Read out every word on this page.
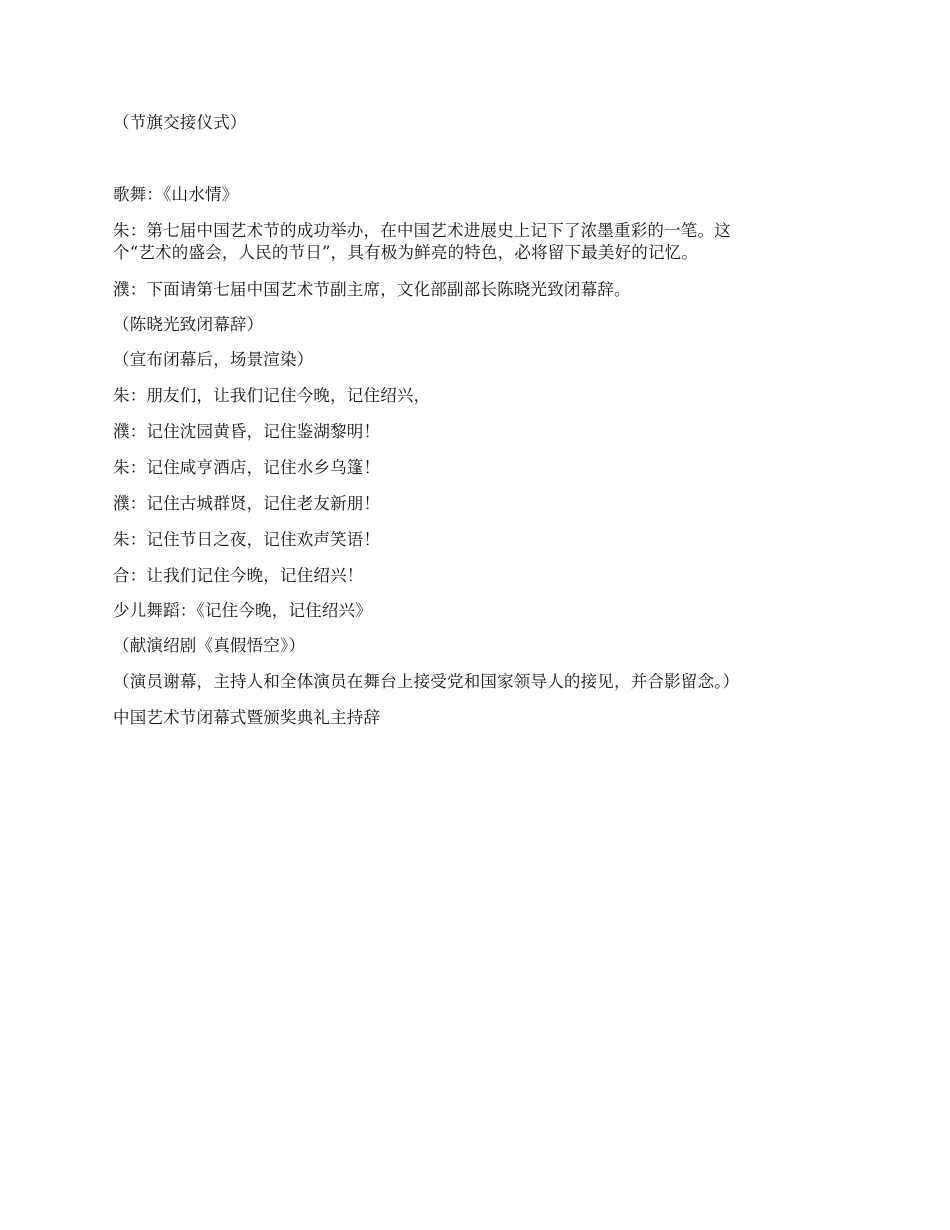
（节旗交接仪式）
歌舞：《山水情》
朱：第七届中国艺术节的成功举办，在中国艺术进展史上记下了浓墨重彩的一笔。这
个“艺术的盛会，人民的节日”，具有极为鲜亮的特色，必将留下最美好的记忆。
濮：下面请第七届中国艺术节副主席，文化部副部长陈晓光致闭幕辞。
（陈晓光致闭幕辞）
（宣布闭幕后，场景渲染）
朱：朋友们，让我们记住今晚，记住绍兴，
濮：记住沈园黄昏，记住鉴湖黎明！
朱：记住咸亨酒店，记住水乡乌篷！
濮：记住古城群贤，记住老友新朋！
朱：记住节日之夜，记住欢声笑语！
合：让我们记住今晚，记住绍兴！
少儿舞蹈：《记住今晚，记住绍兴》
（献演绍剧《真假悟空》）
（演员谢幕，主持人和全体演员在舞台上接受党和国家领导人的接见，并合影留念。）
中国艺术节闭幕式暨颁奖典礼主持辞
